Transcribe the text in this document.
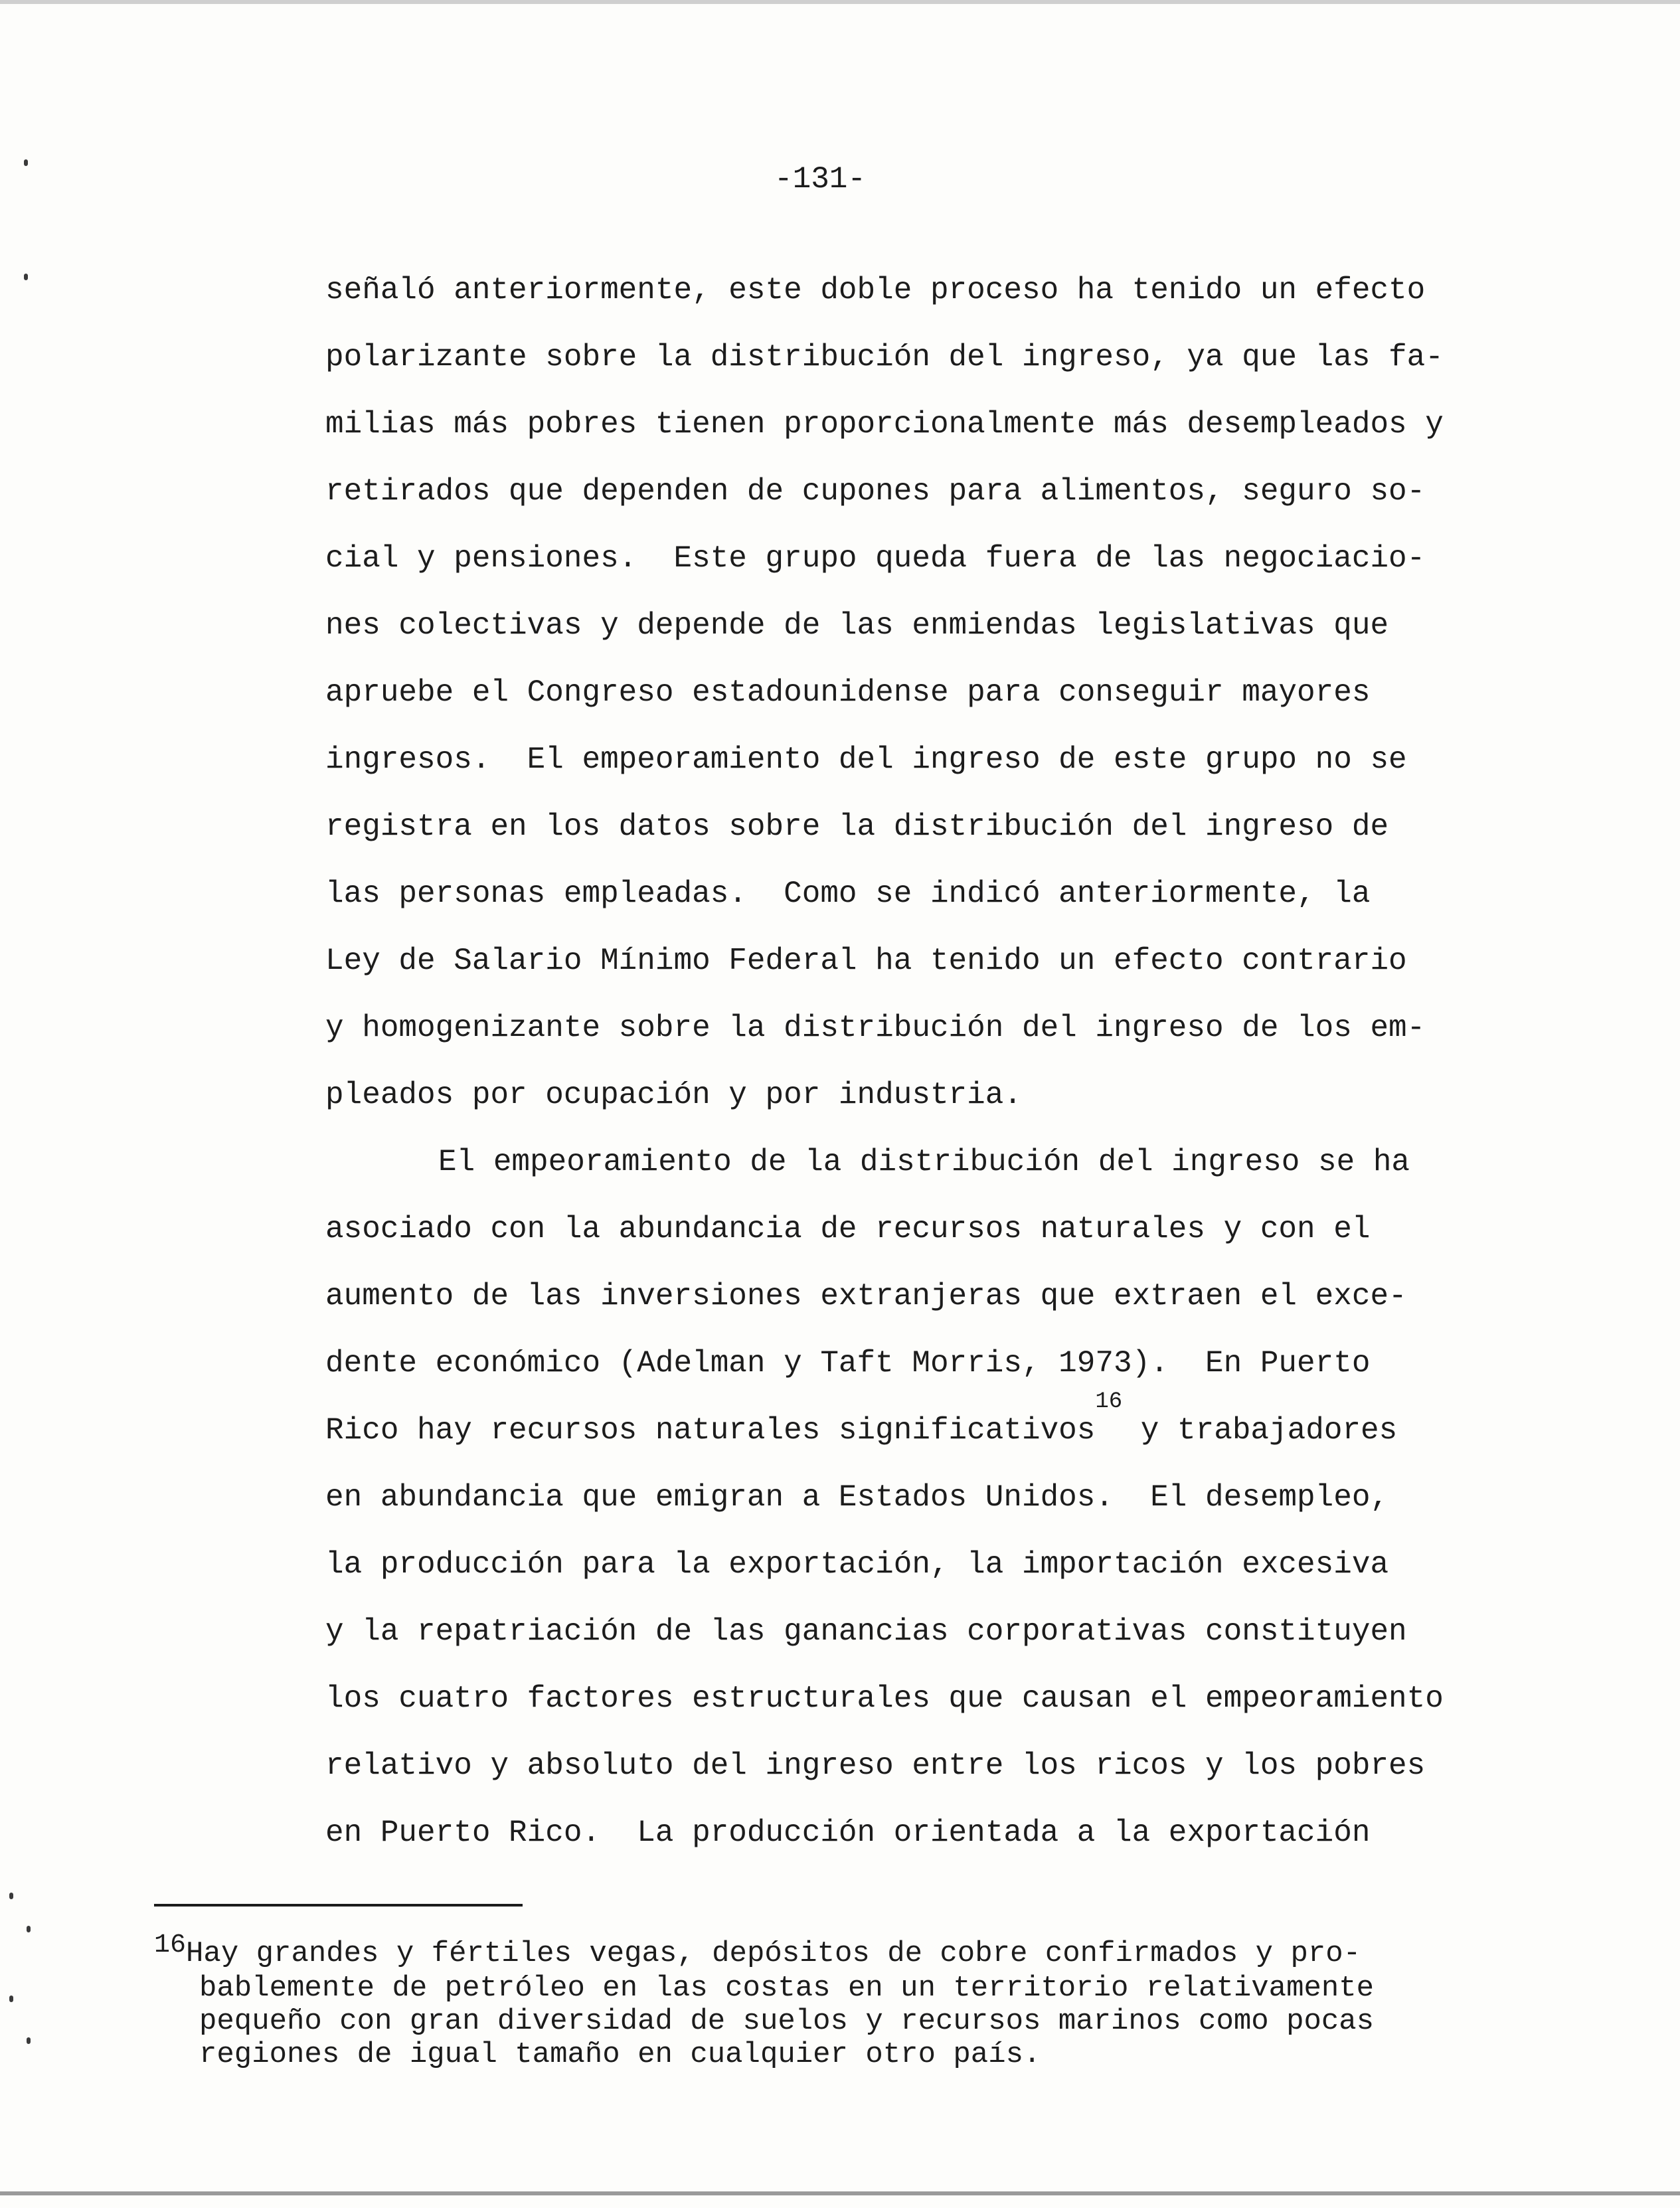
-131-
señaló anteriormente, este doble proceso ha tenido un efecto
polarizante sobre la distribución del ingreso, ya que las fa-
milias más pobres tienen proporcionalmente más desempleados y
retirados que dependen de cupones para alimentos, seguro so-
cial y pensiones.  Este grupo queda fuera de las negociacio-
nes colectivas y depende de las enmiendas legislativas que
apruebe el Congreso estadounidense para conseguir mayores
ingresos.  El empeoramiento del ingreso de este grupo no se
registra en los datos sobre la distribución del ingreso de
las personas empleadas.  Como se indicó anteriormente, la
Ley de Salario Mínimo Federal ha tenido un efecto contrario
y homogenizante sobre la distribución del ingreso de los em-
pleados por ocupación y por industria.
El empeoramiento de la distribución del ingreso se ha
asociado con la abundancia de recursos naturales y con el
aumento de las inversiones extranjeras que extraen el exce-
dente económico (Adelman y Taft Morris, 1973).  En Puerto
Rico hay recursos naturales significativos$^{16}$ y trabajadores
en abundancia que emigran a Estados Unidos.  El desempleo,
la producción para la exportación, la importación excesiva
y la repatriación de las ganancias corporativas constituyen
los cuatro factores estructurales que causan el empeoramiento
relativo y absoluto del ingreso entre los ricos y los pobres
en Puerto Rico.  La producción orientada a la exportación
16Hay grandes y fértiles vegas, depósitos de cobre confirmados y pro-
bablemente de petróleo en las costas en un territorio relativamente
pequeño con gran diversidad de suelos y recursos marinos como pocas
regiones de igual tamaño en cualquier otro país.
